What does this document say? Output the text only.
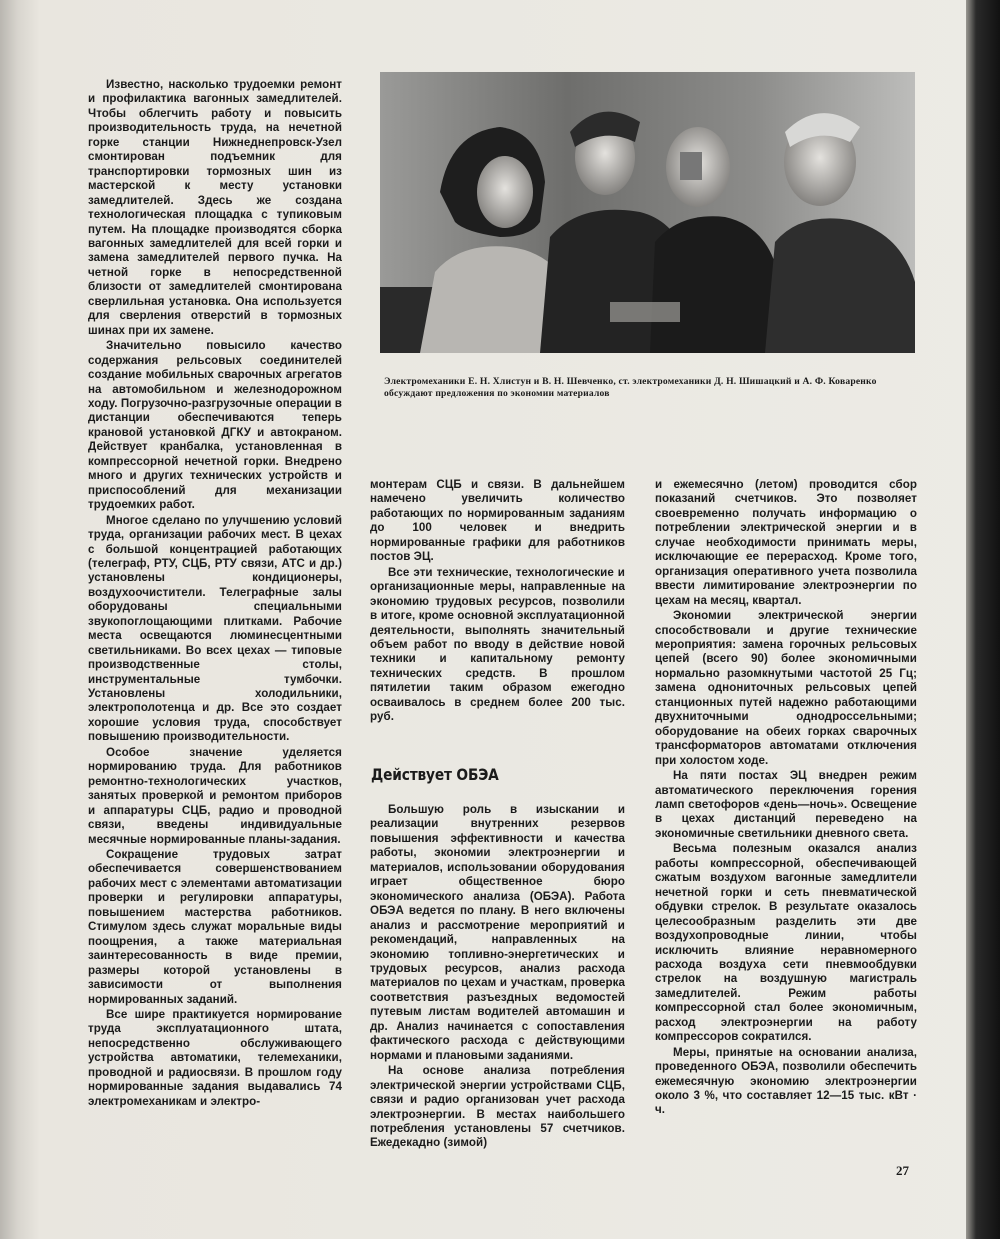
Электромеханики Е. Н. Хлистун и В. Н. Шевченко, ст. электромеханики Д. Н. Шишацкий и А. Ф. Коваренко обсуждают предложения по экономии материалов

Известно, насколько трудоемки ремонт и профилактика вагонных замедлителей. Чтобы облегчить работу и повысить производительность труда, на нечетной горке станции Нижнеднепровск-Узел смонтирован подъемник для транспортировки тормозных шин из мастерской к месту установки замедлителей. Здесь же создана технологическая площадка с тупиковым путем. На площадке производятся сборка вагонных замедлителей для всей горки и замена замедлителей первого пучка. На четной горке в непосредственной близости от замедлителей смонтирована сверлильная установка. Она используется для сверления отверстий в тормозных шинах при их замене.

Значительно повысило качество содержания рельсовых соединителей создание мобильных сварочных агрегатов на автомобильном и железнодорожном ходу. Погрузочно-разгрузочные операции в дистанции обеспечиваются теперь крановой установкой ДГКУ и автокраном. Действует кранбалка, установленная в компрессорной нечетной горки. Внедрено много и других технических устройств и приспособлений для механизации трудоемких работ.

Многое сделано по улучшению условий труда, организации рабочих мест. В цехах с большой концентрацией работающих (телеграф, РТУ, СЦБ, РТУ связи, АТС и др.) установлены кондиционеры, воздухоочистители. Телеграфные залы оборудованы специальными звукопоглощающими плитками. Рабочие места освещаются люминесцентными светильниками. Во всех цехах — типовые производственные столы, инструментальные тумбочки. Установлены холодильники, электрополотенца и др. Все это создает хорошие условия труда, способствует повышению производительности.

Особое значение уделяется нормированию труда. Для работников ремонтно-технологических участков, занятых проверкой и ремонтом приборов и аппаратуры СЦБ, радио и проводной связи, введены индивидуальные месячные нормированные планы-задания.

Сокращение трудовых затрат обеспечивается совершенствованием рабочих мест с элементами автоматизации проверки и регулировки аппаратуры, повышением мастерства работников. Стимулом здесь служат моральные виды поощрения, а также материальная заинтересованность в виде премии, размеры которой установлены в зависимости от выполнения нормированных заданий.

Все шире практикуется нормирование труда эксплуатационного штата, непосредственно обслуживающего устройства автоматики, телемеханики, проводной и радиосвязи. В прошлом году нормированные задания выдавались 74 электромеханикам и электро-

монтерам СЦБ и связи. В дальнейшем намечено увеличить количество работающих по нормированным заданиям до 100 человек и внедрить нормированные графики для работников постов ЭЦ.

Все эти технические, технологические и организационные меры, направленные на экономию трудовых ресурсов, позволили в итоге, кроме основной эксплуатационной деятельности, выполнять значительный объем работ по вводу в действие новой техники и капитальному ремонту технических средств. В прошлом пятилетии таким образом ежегодно осваивалось в среднем более 200 тыс. руб.

Действует ОБЭА

Большую роль в изыскании и реализации внутренних резервов повышения эффективности и качества работы, экономии электроэнергии и материалов, использовании оборудования играет общественное бюро экономического анализа (ОБЭА). Работа ОБЭА ведется по плану. В него включены анализ и рассмотрение мероприятий и рекомендаций, направленных на экономию топливно-энергетических и трудовых ресурсов, анализ расхода материалов по цехам и участкам, проверка соответствия разъездных ведомостей путевым листам водителей автомашин и др. Анализ начинается с сопоставления фактического расхода с действующими нормами и плановыми заданиями.

На основе анализа потребления электрической энергии устройствами СЦБ, связи и радио организован учет расхода электроэнергии. В местах наибольшего потребления установлены 57 счетчиков. Ежедекадно (зимой)

и ежемесячно (летом) проводится сбор показаний счетчиков. Это позволяет своевременно получать информацию о потреблении электрической энергии и в случае необходимости принимать меры, исключающие ее перерасход. Кроме того, организация оперативного учета позволила ввести лимитирование электроэнергии по цехам на месяц, квартал.

Экономии электрической энергии способствовали и другие технические мероприятия: замена горочных рельсовых цепей (всего 90) более экономичными нормально разомкнутыми частотой 25 Гц; замена однониточных рельсовых цепей станционных путей надежно работающими двухниточными однодроссельными; оборудование на обеих горках сварочных трансформаторов автоматами отключения при холостом ходе.

На пяти постах ЭЦ внедрен режим автоматического переключения горения ламп светофоров «день—ночь». Освещение в цехах дистанций переведено на экономичные светильники дневного света.

Весьма полезным оказался анализ работы компрессорной, обеспечивающей сжатым воздухом вагонные замедлители нечетной горки и сеть пневматической обдувки стрелок. В результате оказалось целесообразным разделить эти две воздухопроводные линии, чтобы исключить влияние неравномерного расхода воздуха сети пневмообдувки стрелок на воздушную магистраль замедлителей. Режим работы компрессорной стал более экономичным, расход электроэнергии на работу компрессоров сократился.

Меры, принятые на основании анализа, проведенного ОБЭА, позволили обеспечить ежемесячную экономию электроэнергии около 3 %, что составляет 12—15 тыс. кВт · ч.

27
